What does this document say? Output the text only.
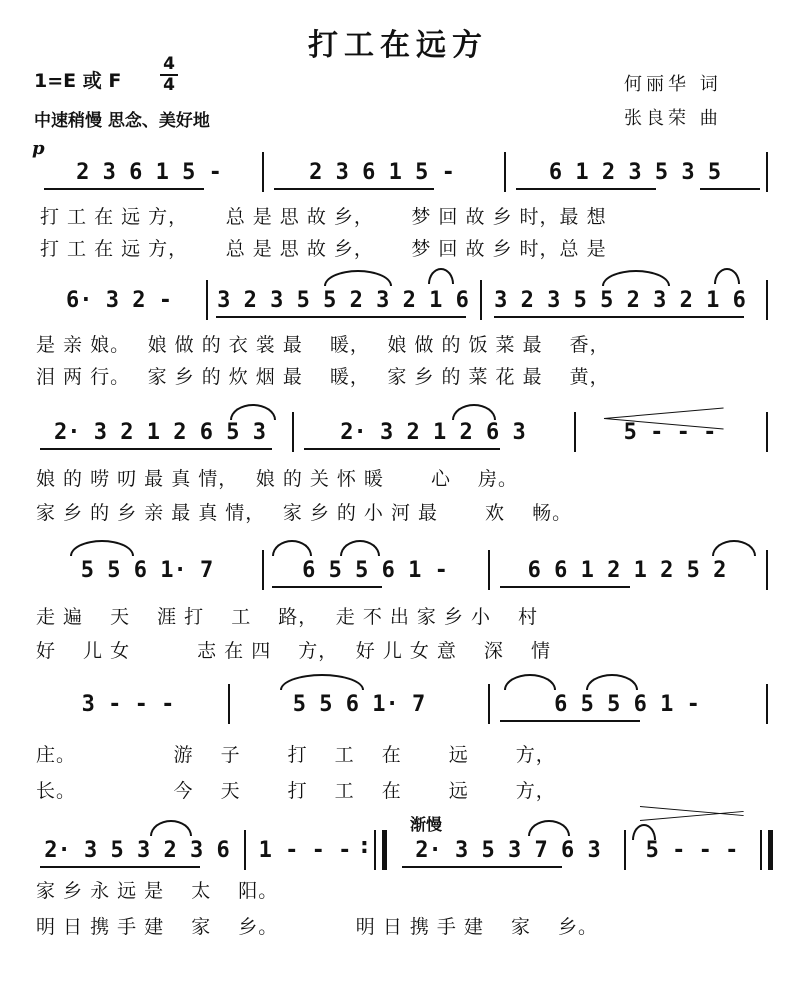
打工在远方
1=E 或 F
4
4
中速稍慢 思念、美好地
何丽华 词
张良荣 曲
p
2 3 6 1 5 -	2 3 6 1 5 -	6 1 2 3 5 3 5
打 工 在 远 方，　　 总 是 思 故 乡，　　 梦 回 故 乡 时，最 想
打 工 在 远 方，　　 总 是 思 故 乡，　　 梦 回 故 乡 时，总 是
6· 3 2 -	3 2 3 5 5 2 3 2 1 6	3 2 3 5 5 2 3 2 1 6
是 亲 娘。　 娘 做 的 衣 裳 最　 暖，　 娘 做 的 饭 菜 最　 香，
泪 两 行。　 家 乡 的 炊 烟 最　 暖，　 家 乡 的 菜 花 最　 黄，
2· 3 2 1 2 6 5 3	2· 3 2 1 2 6 3	5 - - -
娘 的 唠 叨 最 真 情，　 娘 的 关 怀 暖　　 心　 房。
家 乡 的 乡 亲 最 真 情，　 家 乡 的 小 河 最　　 欢　 畅。
5 5 6 1· 7	6 5 5 6 1 -	6 6 1 2 1 2 5 2
走 遍　 天　 涯 打　 工　 路，　 走 不 出 家 乡 小　 村
好　 儿 女　　　 志 在 四　 方，　 好 儿 女 意　 深　 情
3 - - -	5 5 6 1· 7	6 5 5 6 1 -
庄。　　　　　 游　 子　　 打　 工　 在　　 远　　 方，
长。　　　　　 今　 天　　 打　 工　 在　　 远　　 方，
渐慢
2· 3 5 3 2 3 6	1 - - -
:	2· 3 5 3 7 6 3	5 - - -
家 乡 永 远 是　 太　 阳。
明 日 携 手 建　 家　 乡。　　　　 明 日 携 手 建　 家　 乡。
